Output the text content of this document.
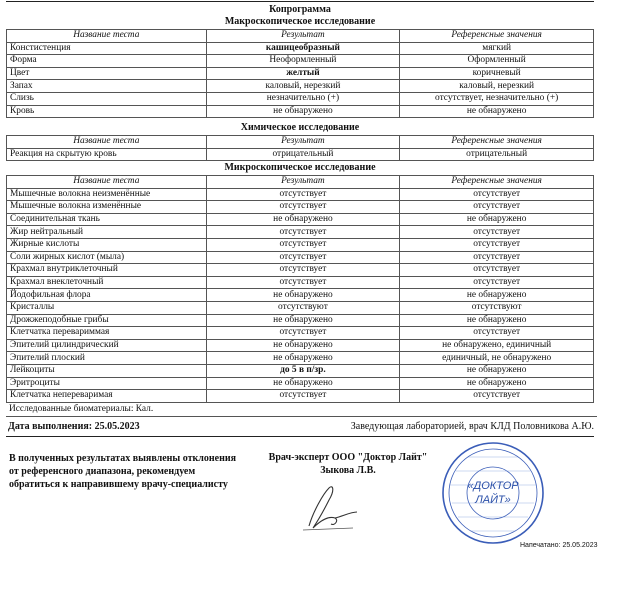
Копрограмма
Макроскопическое исследование
Название теста	Результат	Референсные значения
Констистенция	кашицеобразный	мягкий
Форма	Неоформленный	Оформленный
Цвет	желтый	коричневый
Запах	каловый, нерезкий	каловый, нерезкий
Слизь	незначительно (+)	отсутствует, незначительно (+)
Кровь	не обнаружено	не обнаружено
Химическое исследование
Название теста	Результат	Референсные значения
Реакция на скрытую кровь	отрицательный	отрицательный
Микроскопическое исследование
Название теста	Результат	Референсные значения
Мышечные волокна неизменённые	отсутствует	отсутствует
Мышечные волокна изменённые	отсутствует	отсутствует
Соединительная ткань	не обнаружено	не обнаружено
Жир нейтральный	отсутствует	отсутствует
Жирные кислоты	отсутствует	отсутствует
Соли жирных кислот (мыла)	отсутствует	отсутствует
Крахмал внутриклеточный	отсутствует	отсутствует
Крахмал внеклеточный	отсутствует	отсутствует
Йодофильная флора	не обнаружено	не обнаружено
Кристаллы	отсутствуют	отсутствуют
Дрожжеподобные грибы	не обнаружено	не обнаружено
Клетчатка перевариммая	отсутствует	отсутствует
Эпителий цилиндрический	не обнаружено	не обнаружено, единичный
Эпителий плоский	не обнаружено	единичный, не обнаружено
Лейкоциты	до 5 в п/зр.	не обнаружено
Эритроциты	не обнаружено	не обнаружено
Клетчатка непереваримая	отсутствует	отсутствует
Исследованные биоматериалы: Кал.
Дата выполнения: 25.05.2023	Заведующая лабораторией, врач КЛД Половникова А.Ю.
В полученных результатах выявлены отклонения от референсного диапазона, рекомендуем обратиться к направившему врачу-специалисту
Врач-эксперт ООО "Доктор Лайт"
Зыкова Л.В.
«ДОКТОР
ЛАЙТ»
Напечатано: 25.05.2023
